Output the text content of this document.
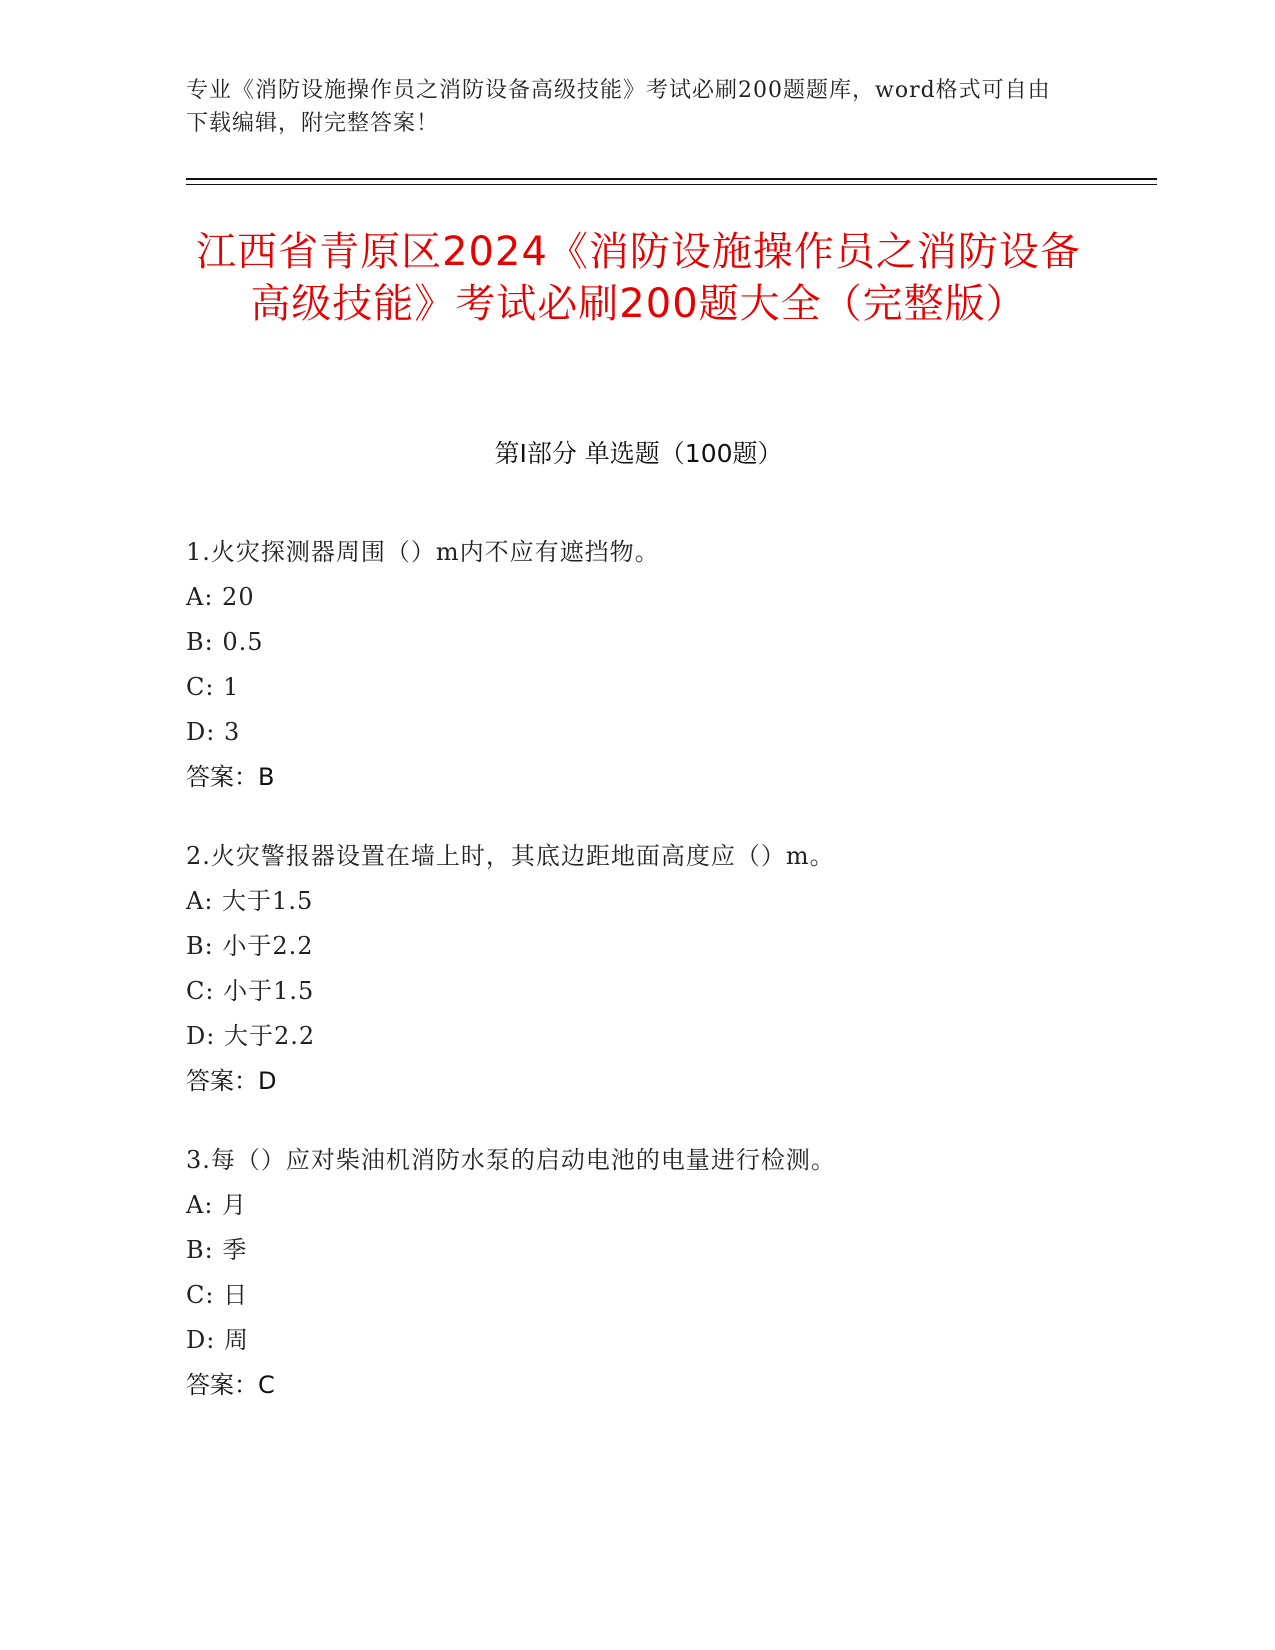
专业《消防设施操作员之消防设备高级技能》考试必刷200题题库，word格式可自由下载编辑，附完整答案！
江西省青原区2024《消防设施操作员之消防设备高级技能》考试必刷200题大全（完整版）
第Ⅰ部分 单选题（100题）
1.火灾探测器周围（）m内不应有遮挡物。
A: 20
B: 0.5
C: 1
D: 3
答案：B
2.火灾警报器设置在墙上时，其底边距地面高度应（）m。
A: 大于1.5
B: 小于2.2
C: 小于1.5
D: 大于2.2
答案：D
3.每（）应对柴油机消防水泵的启动电池的电量进行检测。
A: 月
B: 季
C: 日
D: 周
答案：C
